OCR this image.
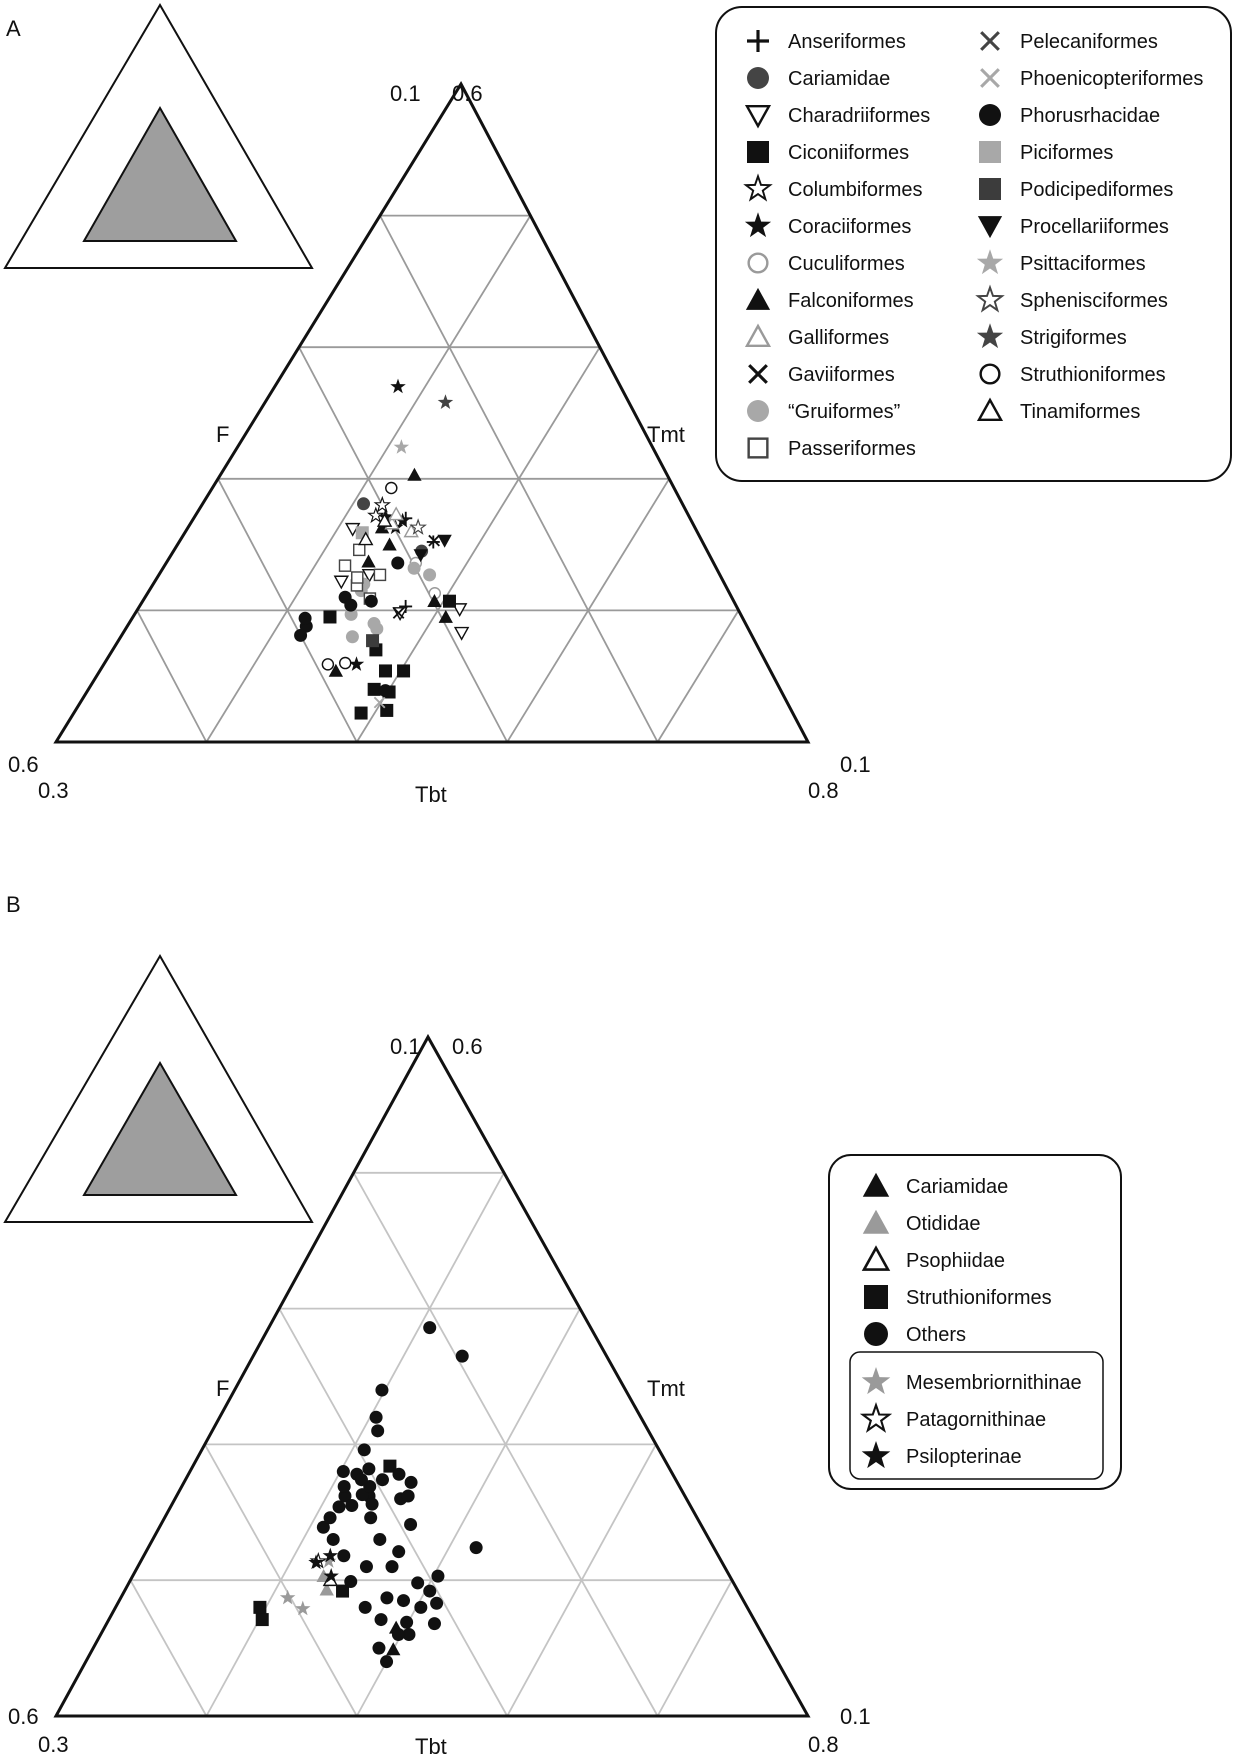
A
0.1 0.6
0.6
0.3
0.1
0.8
F	Tmt
Tbt
Anseriformes
Cariamidae
Charadriiformes
Ciconiiformes
Columbiformes
Coraciiformes
Cuculiformes
Falconiformes
Galliformes
Gaviiformes
“Gruiformes”
Passeriformes
Pelecaniformes
Phoenicopteriformes
Phorusrhacidae
Piciformes
Podicipediformes
Procellariiformes
Psittaciformes
Sphenisciformes
Strigiformes
Struthioniformes
Tinamiformes
B
0.1 0.6
0.6
0.3
0.1
0.8
F	Tmt
Tbt
Cariamidae
Otididae
Psophiidae
Struthioniformes
Others
Mesembriornithinae
Patagornithinae
Psilopterinae
